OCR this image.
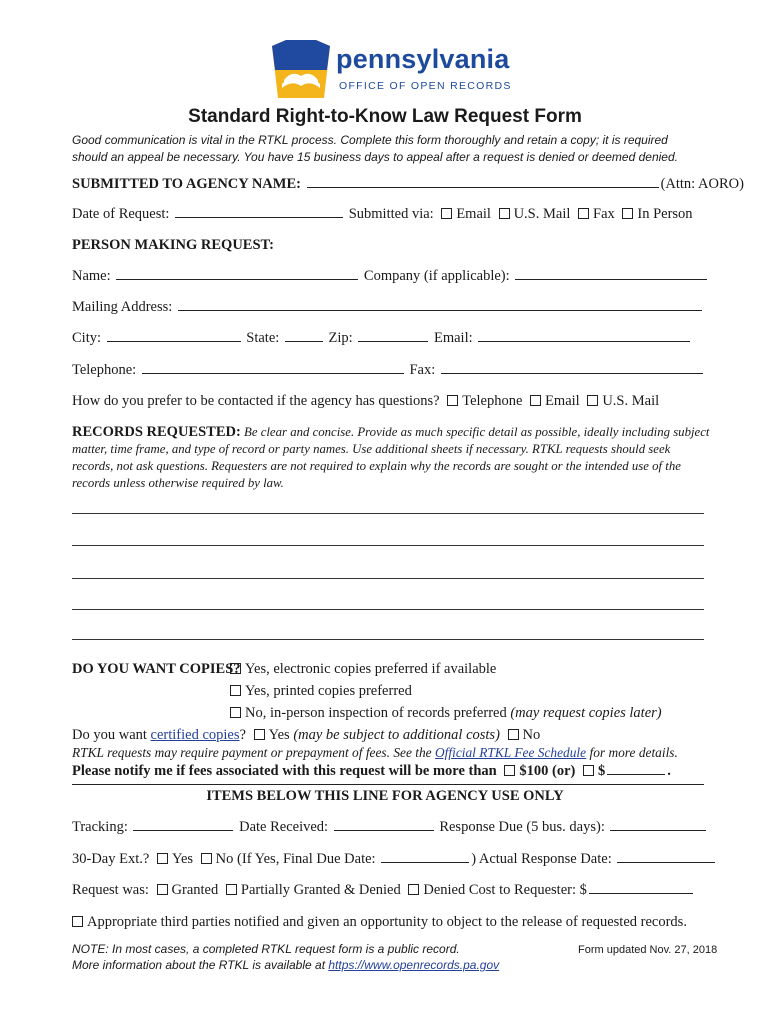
pennsylvania
OFFICE OF OPEN RECORDS
Standard Right-to-Know Law Request Form
Good communication is vital in the RTKL process. Complete this form thoroughly and retain a copy; it is required
should an appeal be necessary. You have 15 business days to appeal after a request is denied or deemed denied.
SUBMITTED TO AGENCY NAME:	(Attn: AORO)
Date of Request:	Submitted via: Email U.S. Mail Fax In Person
PERSON MAKING REQUEST:
Name:	Company (if applicable):
Mailing Address:
City:	State:	Zip:	Email:
Telephone:	Fax:
How do you prefer to be contacted if the agency has questions? Telephone Email U.S. Mail
RECORDS REQUESTED: Be clear and concise. Provide as much specific detail as possible, ideally including subject
matter, time frame, and type of record or party names. Use additional sheets if necessary. RTKL requests should seek
records, not ask questions. Requesters are not required to explain why the records are sought or the intended use of the
records unless otherwise required by law.
DO YOU WANT COPIES? Yes, electronic copies preferred if available
Yes, printed copies preferred
No, in-person inspection of records preferred (may request copies later)
Do you want certified copies? Yes (may be subject to additional costs) No
RTKL requests may require payment or prepayment of fees. See the Official RTKL Fee Schedule for more details.
Please notify me if fees associated with this request will be more than $100 (or) $	.
ITEMS BELOW THIS LINE FOR AGENCY USE ONLY
Tracking:	Date Received:	Response Due (5 bus. days):
30-Day Ext.? Yes No (If Yes, Final Due Date:	) Actual Response Date:
Request was: Granted Partially Granted & Denied Denied Cost to Requester: $
Appropriate third parties notified and given an opportunity to object to the release of requested records.
NOTE: In most cases, a completed RTKL request form is a public record.
More information about the RTKL is available at https://www.openrecords.pa.gov
Form updated Nov. 27, 2018
